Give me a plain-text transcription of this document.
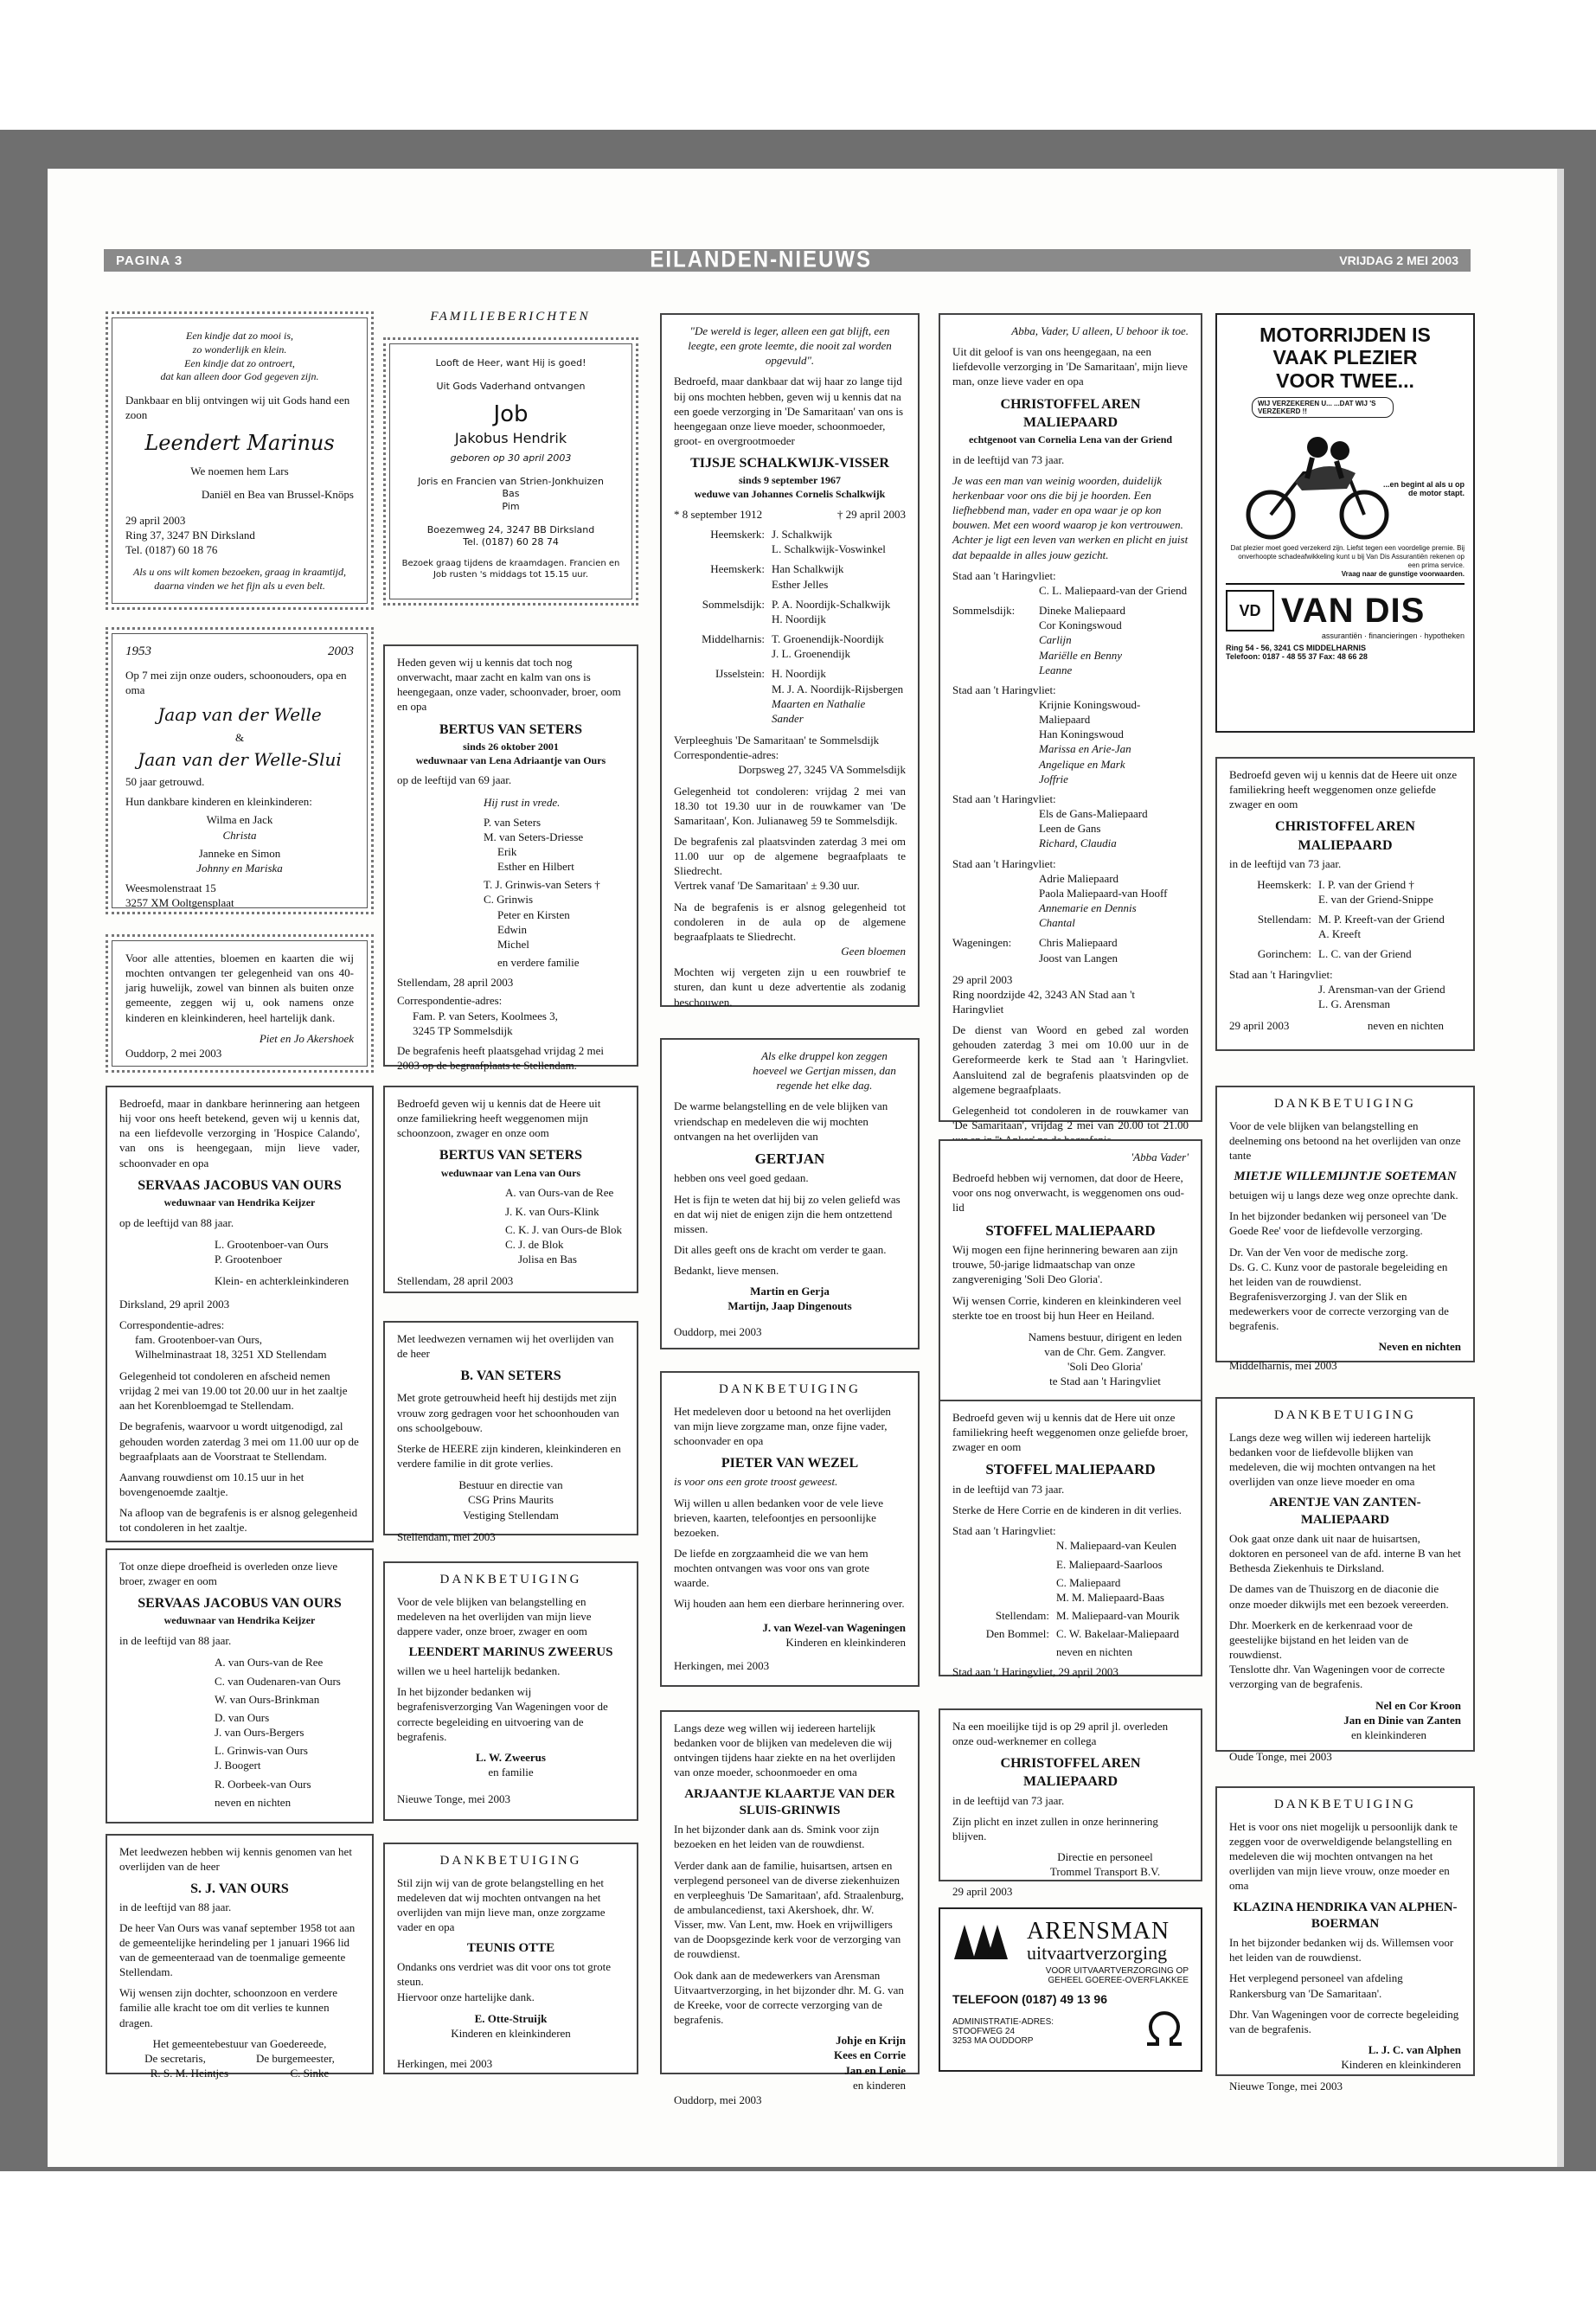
PAGINA 3	EILANDEN-NIEUWS	VRIJDAG 2 MEI 2003
Een kindje dat zo mooi is,
zo wonderlijk en klein.
Een kindje dat zo ontroert,
dat kan alleen door God gegeven zijn.
Dankbaar en blij ontvingen wij uit Gods hand een zoon
Leendert Marinus
We noemen hem Lars
Daniël en Bea van Brussel-Knöps
29 april 2003
Ring 37, 3247 BN Dirksland
Tel. (0187) 60 18 76
Als u ons wilt komen bezoeken, graag in kraamtijd, daarna vinden we het fijn als u even belt.
1953	2003
Op 7 mei zijn onze ouders, schoonouders, opa en oma
Jaap van der Welle
&
Jaan van der Welle-Slui
50 jaar getrouwd.
Hun dankbare kinderen en kleinkinderen:
Wilma en Jack
Christa
Janneke en Simon
Johnny en Mariska
Weesmolenstraat 15
3257 XM Ooltgensplaat
Voor alle attenties, bloemen en kaarten die wij mochten ontvangen ter gelegenheid van ons 40-jarig huwelijk, zowel van binnen als buiten onze gemeente, zeggen wij u, ook namens onze kinderen en kleinkinderen, heel hartelijk dank.
Piet en Jo Akershoek
Ouddorp, 2 mei 2003
Bedroefd, maar in dankbare herinnering aan hetgeen hij voor ons heeft betekend, geven wij u kennis dat, na een liefdevolle verzorging in 'Hospice Calando', van ons is heengegaan, mijn lieve vader, schoonvader en opa
SERVAAS JACOBUS VAN OURS
weduwnaar van Hendrika Keijzer
op de leeftijd van 88 jaar.
L. Grootenboer-van Ours
P. Grootenboer
Klein- en achterkleinkinderen
Dirksland, 29 april 2003
Correspondentie-adres:
fam. Grootenboer-van Ours,
Wilhelminastraat 18, 3251 XD Stellendam
Gelegenheid tot condoleren en afscheid nemen vrijdag 2 mei van 19.00 tot 20.00 uur in het zaaltje aan het Korenbloemgad te Stellendam.
De begrafenis, waarvoor u wordt uitgenodigd, zal gehouden worden zaterdag 3 mei om 11.00 uur op de begraafplaats aan de Voorstraat te Stellendam.
Aanvang rouwdienst om 10.15 uur in het bovengenoemde zaaltje.
Na afloop van de begrafenis is er alsnog gelegenheid tot condoleren in het zaaltje.
Tot onze diepe droefheid is overleden onze lieve broer, zwager en oom
SERVAAS JACOBUS VAN OURS
weduwnaar van Hendrika Keijzer
in de leeftijd van 88 jaar.
A. van Ours-van de Ree
C. van Oudenaren-van Ours
W. van Ours-Brinkman
D. van Ours
J. van Ours-Bergers
L. Grinwis-van Ours
J. Boogert
R. Oorbeek-van Ours
neven en nichten
Met leedwezen hebben wij kennis genomen van het overlijden van de heer
S. J. VAN OURS
in de leeftijd van 88 jaar.
De heer Van Ours was vanaf september 1958 tot aan de gemeentelijke herindeling per 1 januari 1966 lid van de gemeenteraad van de toenmalige gemeente Stellendam.
Wij wensen zijn dochter, schoonzoon en verdere familie alle kracht toe om dit verlies te kunnen dragen.
Het gemeentebestuur van Goedereede,
De secretaris,	De burgemeester,
R. S. M. Heintjes	C. Sinke
FAMILIEBERICHTEN
Looft de Heer, want Hij is goed!
Uit Gods Vaderhand ontvangen
Job
Jakobus Hendrik
geboren op 30 april 2003
Joris en Francien van Strien-Jonkhuizen
Bas
Pim
Boezemweg 24, 3247 BB Dirksland
Tel. (0187) 60 28 74
Bezoek graag tijdens de kraamdagen. Francien en Job rusten 's middags tot 15.15 uur.
Heden geven wij u kennis dat toch nog onverwacht, maar zacht en kalm van ons is heengegaan, onze vader, schoonvader, broer, oom en opa
BERTUS VAN SETERS
sinds 26 oktober 2001
weduwnaar van Lena Adriaantje van Ours
op de leeftijd van 69 jaar.
Hij rust in vrede.
P. van Seters
M. van Seters-Driesse
Erik
Esther en Hilbert
T. J. Grinwis-van Seters †
C. Grinwis
Peter en Kirsten
Edwin
Michel
en verdere familie
Stellendam, 28 april 2003
Correspondentie-adres:
Fam. P. van Seters, Koolmees 3,
3245 TP Sommelsdijk
De begrafenis heeft plaatsgehad vrijdag 2 mei 2003 op de begraafplaats te Stellendam.
Bedroefd geven wij u kennis dat de Heere uit onze familiekring heeft weggenomen mijn schoonzoon, zwager en onze oom
BERTUS VAN SETERS
weduwnaar van Lena van Ours
A. van Ours-van de Ree
J. K. van Ours-Klink
C. K. J. van Ours-de Blok
C. J. de Blok
Jolisa en Bas
Stellendam, 28 april 2003
Met leedwezen vernamen wij het overlijden van de heer
B. VAN SETERS
Met grote getrouwheid heeft hij destijds met zijn vrouw zorg gedragen voor het schoonhouden van ons schoolgebouw.
Sterke de HEERE zijn kinderen, kleinkinderen en verdere familie in dit grote verlies.
Bestuur en directie van
CSG Prins Maurits
Vestiging Stellendam
Stellendam, mei 2003
DANKBETUIGING
Voor de vele blijken van belangstelling en medeleven na het overlijden van mijn lieve dappere vader, onze broer, zwager en oom
LEENDERT MARINUS ZWEERUS
willen we u heel hartelijk bedanken.
In het bijzonder bedanken wij begrafenisverzorging Van Wageningen voor de correcte begeleiding en uitvoering van de begrafenis.
L. W. Zweerus
en familie
Nieuwe Tonge, mei 2003
DANKBETUIGING
Stil zijn wij van de grote belangstelling en het medeleven dat wij mochten ontvangen na het overlijden van mijn lieve man, onze zorgzame vader en opa
TEUNIS OTTE
Ondanks ons verdriet was dit voor ons tot grote steun.
Hiervoor onze hartelijke dank.
E. Otte-Struijk
Kinderen en kleinkinderen
Herkingen, mei 2003
"De wereld is leger, alleen een gat blijft, een leegte, een grote leemte, die nooit zal worden opgevuld".
Bedroefd, maar dankbaar dat wij haar zo lange tijd bij ons mochten hebben, geven wij u kennis dat na een goede verzorging in 'De Samaritaan' van ons is heengegaan onze lieve moeder, schoonmoeder, groot- en overgrootmoeder
TIJSJE SCHALKWIJK-VISSER
sinds 9 september 1967
weduwe van Johannes Cornelis Schalkwijk
* 8 september 1912	† 29 april 2003
Heemskerk: J. Schalkwijk
L. Schalkwijk-Voswinkel
Heemskerk: Han Schalkwijk
Esther Jelles
Sommelsdijk: P. A. Noordijk-Schalkwijk
H. Noordijk
Middelharnis: T. Groenendijk-Noordijk
J. L. Groenendijk
IJsselstein: H. Noordijk
M. J. A. Noordijk-Rijsbergen
Maarten en Nathalie
Sander
Verpleeghuis 'De Samaritaan' te Sommelsdijk
Correspondentie-adres:
Dorpsweg 27, 3245 VA Sommelsdijk
Gelegenheid tot condoleren: vrijdag 2 mei van 18.30 tot 19.30 uur in de rouwkamer van 'De Samaritaan', Kon. Julianaweg 59 te Sommelsdijk.
De begrafenis zal plaatsvinden zaterdag 3 mei om 11.00 uur op de algemene begraafplaats te Sliedrecht.
Vertrek vanaf 'De Samaritaan' ± 9.30 uur.
Na de begrafenis is er alsnog gelegenheid tot condoleren in de aula op de algemene begraafplaats te Sliedrecht.
Geen bloemen
Mochten wij vergeten zijn u een rouwbrief te sturen, dan kunt u deze advertentie als zodanig beschouwen.
Als elke druppel kon zeggen hoeveel we Gertjan missen, dan regende het elke dag.
De warme belangstelling en de vele blijken van vriendschap en medeleven die wij mochten ontvangen na het overlijden van
GERTJAN
hebben ons veel goed gedaan.
Het is fijn te weten dat hij bij zo velen geliefd was en dat wij niet de enigen zijn die hem ontzettend missen.
Dit alles geeft ons de kracht om verder te gaan.
Bedankt, lieve mensen.
Martin en Gerja
Martijn, Jaap Dingenouts
Ouddorp, mei 2003
DANKBETUIGING
Het medeleven door u betoond na het overlijden van mijn lieve zorgzame man, onze fijne vader, schoonvader en opa
PIETER VAN WEZEL
is voor ons een grote troost geweest.
Wij willen u allen bedanken voor de vele lieve brieven, kaarten, telefoontjes en persoonlijke bezoeken.
De liefde en zorgzaamheid die we van hem mochten ontvangen was voor ons van grote waarde.
Wij houden aan hem een dierbare herinnering over.
J. van Wezel-van Wageningen
Kinderen en kleinkinderen
Herkingen, mei 2003
Langs deze weg willen wij iedereen hartelijk bedanken voor de blijken van medeleven die wij ontvingen tijdens haar ziekte en na het overlijden van onze moeder, schoonmoeder en oma
ARJAANTJE KLAARTJE VAN DER SLUIS-GRINWIS
In het bijzonder dank aan ds. Smink voor zijn bezoeken en het leiden van de rouwdienst.
Verder dank aan de familie, huisartsen, artsen en verplegend personeel van de diverse ziekenhuizen en verpleeghuis 'De Samaritaan', afd. Straalenburg, de ambulancedienst, taxi Akershoek, dhr. W. Visser, mw. Van Lent, mw. Hoek en vrijwilligers van de Doopsgezinde kerk voor de verzorging van de rouwdienst.
Ook dank aan de medewerkers van Arensman Uitvaartverzorging, in het bijzonder dhr. M. G. van de Kreeke, voor de correcte verzorging van de begrafenis.
Johje en Krijn
Kees en Corrie
Jan en Lenie
en kinderen
Ouddorp, mei 2003
Abba, Vader, U alleen, U behoor ik toe.
Uit dit geloof is van ons heengegaan, na een liefdevolle verzorging in 'De Samaritaan', mijn lieve man, onze lieve vader en opa
CHRISTOFFEL AREN MALIEPAARD
echtgenoot van Cornelia Lena van der Griend
in de leeftijd van 73 jaar.
Je was een man van weinig woorden, duidelijk herkenbaar voor ons die bij je hoorden. Een liefhebbend man, vader en opa waar je op kon bouwen. Met een woord waarop je kon vertrouwen. Achter je ligt een leven van werken en plicht en juist dat bepaalde in alles jouw gezicht.
Stad aan 't Haringvliet:
C. L. Maliepaard-van der Griend
Sommelsdijk:	Dineke Maliepaard
Cor Koningswoud
Carlijn
Mariëlle en Benny
Leanne
Stad aan 't Haringvliet:
Krijnie Koningswoud-Maliepaard
Han Koningswoud
Marissa en Arie-Jan
Angelique en Mark
Joffrie
Stad aan 't Haringvliet:
Els de Gans-Maliepaard
Leen de Gans
Richard, Claudia
Stad aan 't Haringvliet:
Adrie Maliepaard
Paola Maliepaard-van Hooff
Annemarie en Dennis
Chantal
Wageningen:	Chris Maliepaard
Joost van Langen
29 april 2003
Ring noordzijde 42, 3243 AN Stad aan 't Haringvliet
De dienst van Woord en gebed zal worden gehouden zaterdag 3 mei om 10.00 uur in de Gereformeerde kerk te Stad aan 't Haringvliet. Aansluitend zal de begrafenis plaatsvinden op de algemene begraafplaats.
Gelegenheid tot condoleren in de rouwkamer van 'De Samaritaan', vrijdag 2 mei van 20.00 tot 21.00
'Abba Vader'
Bedroefd hebben wij vernomen, dat door de Heere, voor ons nog onverwacht, is weggenomen ons oud-lid
STOFFEL MALIEPAARD
Wij mogen een fijne herinnering bewaren aan zijn trouwe, 50-jarige lidmaatschap van onze zangvereniging 'Soli Deo Gloria'.
Wij wensen Corrie, kinderen en kleinkinderen veel sterkte toe en troost bij hun Heer en Heiland.
Namens bestuur, dirigent en leden
van de Chr. Gem. Zangver.
'Soli Deo Gloria'
te Stad aan 't Haringvliet
Bedroefd geven wij u kennis dat de Here uit onze familiekring heeft weggenomen onze geliefde broer, zwager en oom
STOFFEL MALIEPAARD
in de leeftijd van 73 jaar.
Sterke de Here Corrie en de kinderen in dit verlies.
Stad aan 't Haringvliet:
N. Maliepaard-van Keulen
E. Maliepaard-Saarloos
C. Maliepaard
M. M. Maliepaard-Baas
Stellendam: M. Maliepaard-van Mourik
Den Bommel: C. W. Bakelaar-Maliepaard
neven en nichten
Stad aan 't Haringvliet, 29 april 2003
Na een moeilijke tijd is op 29 april jl. overleden onze oud-werknemer en collega
CHRISTOFFEL AREN MALIEPAARD
in de leeftijd van 73 jaar.
Zijn plicht en inzet zullen in onze herinnering blijven.
Directie en personeel
Trommel Transport B.V.
29 april 2003
ARENSMAN
uitvaartverzorging
VOOR UITVAARTVERZORGING OP
GEHEEL GOEREE-OVERFLAKKEE
TELEFOON (0187) 49 13 96
ADMINISTRATIE-ADRES:
STOOFWEG 24
3253 MA OUDDORP
MOTORRIJDEN IS
VAAK PLEZIER
VOOR TWEE...
WIJ VERZEKEREN U... ...DAT WIJ 'S VERZEKERD !!
...en begint al als u op de motor stapt.
Dat plezier moet goed verzekerd zijn. Liefst tegen een voordelige premie. Bij onverhoopte schadeafwikkeling kunt u bij Van Dis Assurantiën rekenen op een prima service.
Vraag naar de gunstige voorwaarden.
VD VAN DIS
assurantiën · financieringen · hypotheken
Ring 54 - 56, 3241 CS MIDDELHARNIS
Telefoon: 0187 - 48 55 37 Fax: 48 66 28
Bedroefd geven wij u kennis dat de Heere uit onze familiekring heeft weggenomen onze geliefde zwager en oom
CHRISTOFFEL AREN MALIEPAARD
in de leeftijd van 73 jaar.
Heemskerk: I. P. van der Griend †
E. van der Griend-Snippe
Stellendam: M. P. Kreeft-van der Griend
A. Kreeft
Gorinchem: L. C. van der Griend
Stad aan 't Haringvliet:
J. Arensman-van der Griend
L. G. Arensman
29 april 2003	neven en nichten
DANKBETUIGING
Voor de vele blijken van belangstelling en deelneming ons betoond na het overlijden van onze tante
MIETJE WILLEMIJNTJE SOETEMAN
betuigen wij u langs deze weg onze oprechte dank.
In het bijzonder bedanken wij personeel van 'De Goede Ree' voor de liefdevolle verzorging.
Dr. Van der Ven voor de medische zorg.
Ds. G. C. Kunz voor de pastorale begeleiding en het leiden van de rouwdienst.
Begrafenisverzorging J. van der Slik en medewerkers voor de correcte verzorging van de begrafenis.
Neven en nichten
Middelharnis, mei 2003
DANKBETUIGING
Langs deze weg willen wij iedereen hartelijk bedanken voor de liefdevolle blijken van medeleven, die wij mochten ontvangen na het overlijden van onze lieve moeder en oma
ARENTJE VAN ZANTEN-MALIEPAARD
Ook gaat onze dank uit naar de huisartsen, doktoren en personeel van de afd. interne B van het Bethesda Ziekenhuis te Dirksland.
De dames van de Thuiszorg en de diaconie die onze moeder dikwijls met een bezoek vereerden.
Dhr. Moerkerk en de kerkenraad voor de geestelijke bijstand en het leiden van de rouwdienst.
Tenslotte dhr. Van Wageningen voor de correcte verzorging van de begrafenis.
Nel en Cor Kroon
Jan en Dinie van Zanten
en kleinkinderen
Oude Tonge, mei 2003
DANKBETUIGING
Het is voor ons niet mogelijk u persoonlijk dank te zeggen voor de overweldigende belangstelling en medeleven die wij mochten ontvangen na het overlijden van mijn lieve vrouw, onze moeder en oma
KLAZINA HENDRIKA VAN ALPHEN-BOERMAN
In het bijzonder bedanken wij ds. Willemsen voor het leiden van de rouwdienst.
Het verplegend personeel van afdeling Rankersburg van 'De Samaritaan'.
Dhr. Van Wageningen voor de correcte begeleiding van de begrafenis.
L. J. C. van Alphen
Kinderen en kleinkinderen
Nieuwe Tonge, mei 2003
